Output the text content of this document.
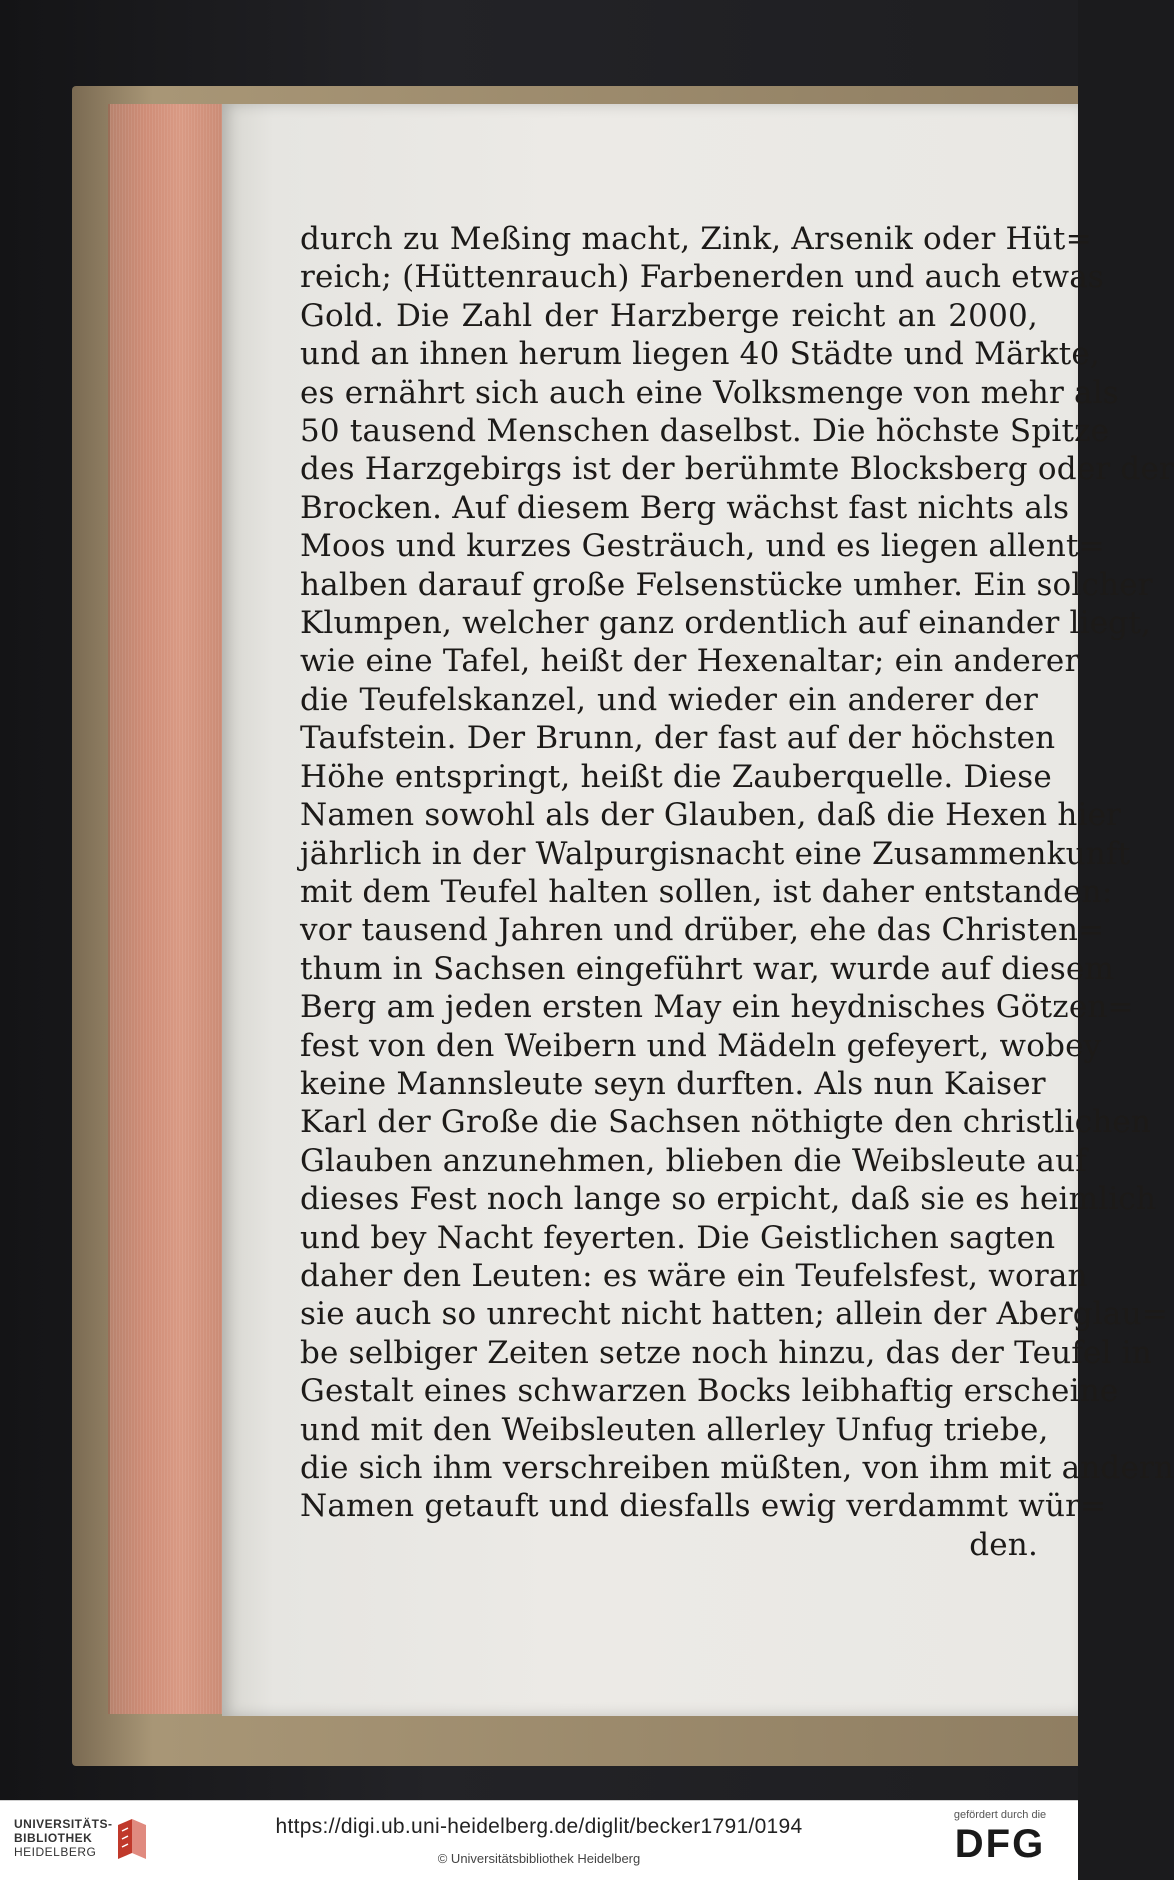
durch zu Meßing macht, Zink, Arsenik oder Hüt=
reich; (Hüttenrauch) Farbenerden und auch etwas
Gold. Die Zahl der Harzberge reicht an 2000,
und an ihnen herum liegen 40 Städte und Märkte,
es ernährt sich auch eine Volksmenge von mehr als
50 tausend Menschen daselbst. Die höchste Spitze
des Harzgebirgs ist der berühmte Blocksberg oder der
Brocken. Auf diesem Berg wächst fast nichts als
Moos und kurzes Gesträuch, und es liegen allent=
halben darauf große Felsenstücke umher. Ein solcher
Klumpen, welcher ganz ordentlich auf einander liegt,
wie eine Tafel, heißt der Hexenaltar; ein anderer
die Teufelskanzel, und wieder ein anderer der
Taufstein. Der Brunn, der fast auf der höchsten
Höhe entspringt, heißt die Zauberquelle. Diese
Namen sowohl als der Glauben, daß die Hexen hier
jährlich in der Walpurgisnacht eine Zusammenkunft
mit dem Teufel halten sollen, ist daher entstanden:
vor tausend Jahren und drüber, ehe das Christen=
thum in Sachsen eingeführt war, wurde auf diesem
Berg am jeden ersten May ein heydnisches Götzen=
fest von den Weibern und Mädeln gefeyert, wobey
keine Mannsleute seyn durften. Als nun Kaiser
Karl der Große die Sachsen nöthigte den christlichen
Glauben anzunehmen, blieben die Weibsleute auf
dieses Fest noch lange so erpicht, daß sie es heimlich
und bey Nacht feyerten. Die Geistlichen sagten
daher den Leuten: es wäre ein Teufelsfest, woran
sie auch so unrecht nicht hatten; allein der Aberglau=
be selbiger Zeiten setze noch hinzu, das der Teufel in
Gestalt eines schwarzen Bocks leibhaftig erscheine
und mit den Weibsleuten allerley Unfug triebe,
die sich ihm verschreiben müßten, von ihm mit andern
Namen getauft und diesfalls ewig verdammt wür=
den.
UNIVERSITÄTS-
BIBLIOTHEK
HEIDELBERG
https://digi.ub.uni-heidelberg.de/diglit/becker1791/0194
© Universitätsbibliothek Heidelberg
gefördert durch die
DFG
